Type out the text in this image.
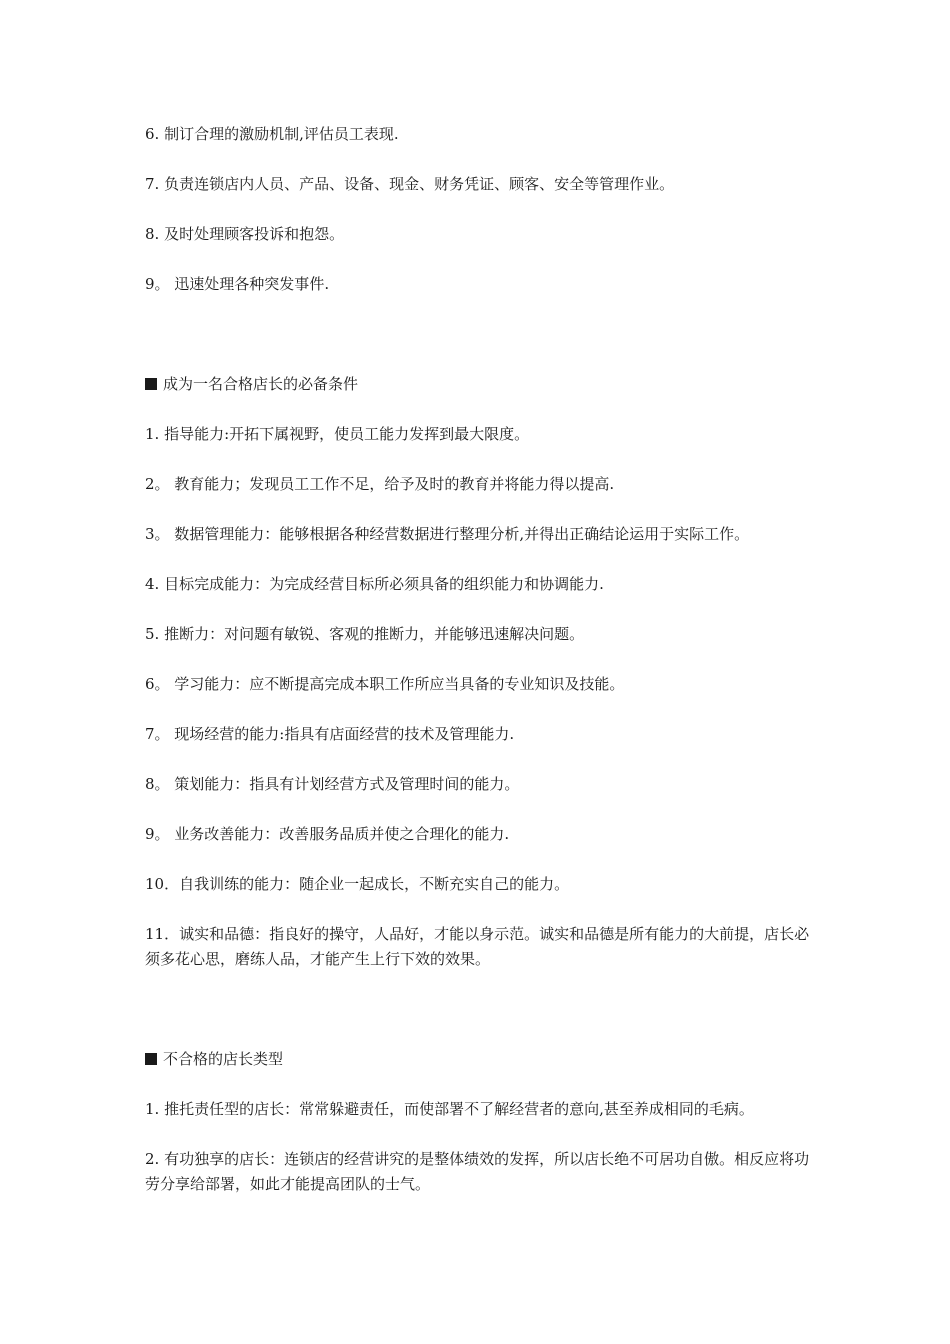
6. 制订合理的激励机制,评估员工表现.

7. 负责连锁店内人员、产品、设备、现金、财务凭证、顾客、安全等管理作业。

8. 及时处理顾客投诉和抱怨。

9。 迅速处理各种突发事件.

成为一名合格店长的必备条件

1. 指导能力:开拓下属视野，使员工能力发挥到最大限度。

2。 教育能力；发现员工工作不足，给予及时的教育并将能力得以提高.

3。 数据管理能力：能够根据各种经营数据进行整理分析,并得出正确结论运用于实际工作。

4. 目标完成能力：为完成经营目标所必须具备的组织能力和协调能力.

5. 推断力：对问题有敏锐、客观的推断力，并能够迅速解决问题。

6。 学习能力：应不断提高完成本职工作所应当具备的专业知识及技能。

7。 现场经营的能力:指具有店面经营的技术及管理能力.

8。 策划能力：指具有计划经营方式及管理时间的能力。

9。 业务改善能力：改善服务品质并使之合理化的能力.

10．自我训练的能力：随企业一起成长，不断充实自己的能力。

11．诚实和品德：指良好的操守，人品好，才能以身示范。诚实和品德是所有能力的大前提，店长必须多花心思，磨练人品，才能产生上行下效的效果。

不合格的店长类型

1. 推托责任型的店长：常常躲避责任，而使部署不了解经营者的意向,甚至养成相同的毛病。

2. 有功独享的店长：连锁店的经营讲究的是整体绩效的发挥，所以店长绝不可居功自傲。相反应将功劳分享给部署，如此才能提高团队的士气。
